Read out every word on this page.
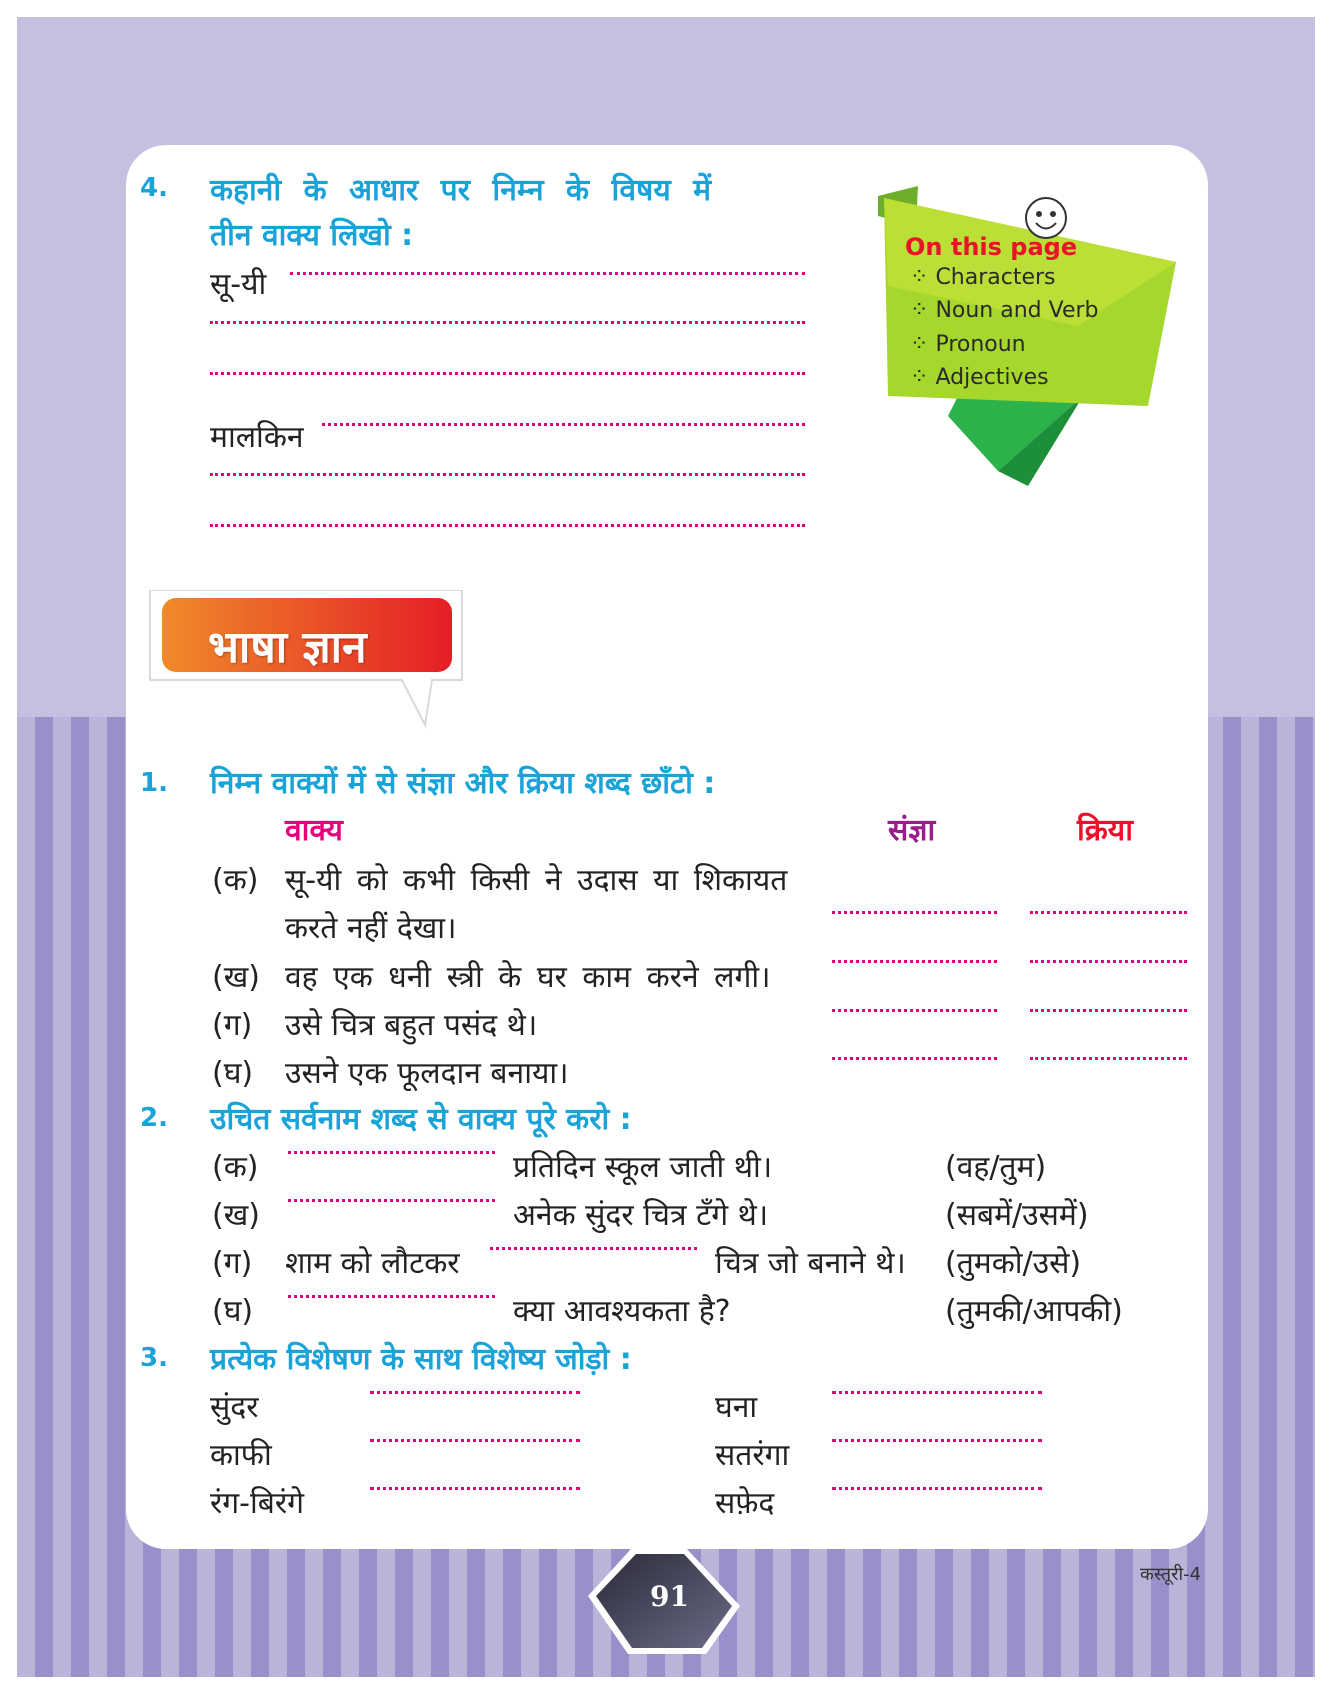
4. कहानी के आधार पर निम्न के विषय में
तीन वाक्य लिखो :
सू-यी
मालकिन
On this page
⁘ Characters
⁘ Noun and Verb
⁘ Pronoun
⁘ Adjectives
भाषा ज्ञान
1. निम्न वाक्यों में से संज्ञा और क्रिया शब्द छाँटो :
वाक्य	संज्ञा	क्रिया
(क) सू-यी को कभी किसी ने उदास या शिकायत
करते नहीं देखा।
(ख) वह एक धनी स्त्री के घर काम करने लगी।
(ग) उसे चित्र बहुत पसंद थे।
(घ) उसने एक फूलदान बनाया।
2. उचित सर्वनाम शब्द से वाक्य पूरे करो :
(क)	प्रतिदिन स्कूल जाती थी।	(वह/तुम)
(ख)	अनेक सुंदर चित्र टँगे थे।	(सबमें/उसमें)
(ग) शाम को लौटकर	चित्र जो बनाने थे। (तुमको/उसे)
(घ)	क्या आवश्यकता है?	(तुमकी/आपकी)
3. प्रत्येक विशेषण के साथ विशेष्य जोड़ो :
सुंदर	घना
काफी	सतरंगा
रंग-बिरंगे	सफ़ेद
91
कस्तूरी-4
